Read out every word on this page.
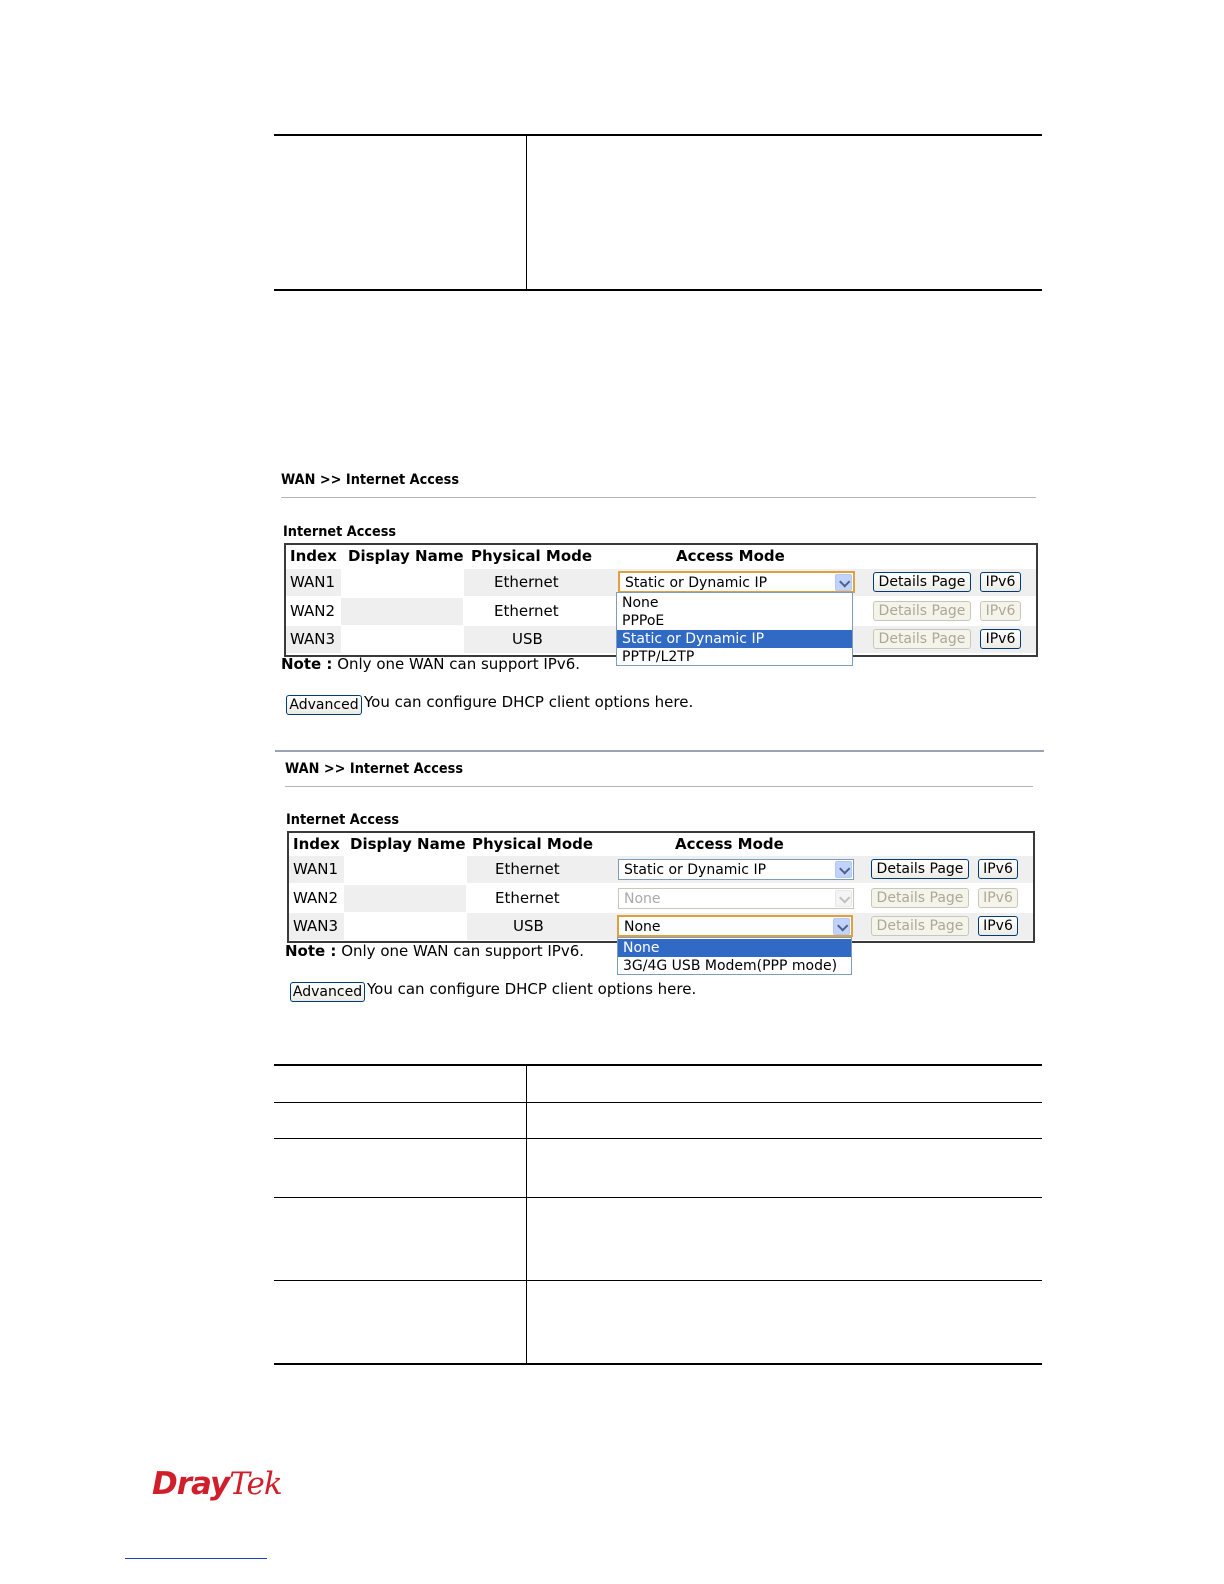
WAN >> Internet Access
Internet Access
Index Display Name Physical Mode	Access Mode
WAN1	Ethernet	Static or Dynamic IP	Details Page	IPv6
WAN2	Ethernet	Details Page	IPv6
WAN3	USB	Details Page	IPv6
None
PPPoE
Static or Dynamic IP
PPTP/L2TP
Note : Only one WAN can support IPv6.
Advanced You can configure DHCP client options here.
WAN >> Internet Access
Internet Access
Index Display Name Physical Mode	Access Mode
WAN1	Ethernet	Static or Dynamic IP	Details Page	IPv6
WAN2	Ethernet	None	Details Page	IPv6
WAN3	USB	None	Details Page	IPv6
None
3G/4G USB Modem(PPP mode)
Note : Only one WAN can support IPv6.
Advanced You can configure DHCP client options here.
DrayTek
